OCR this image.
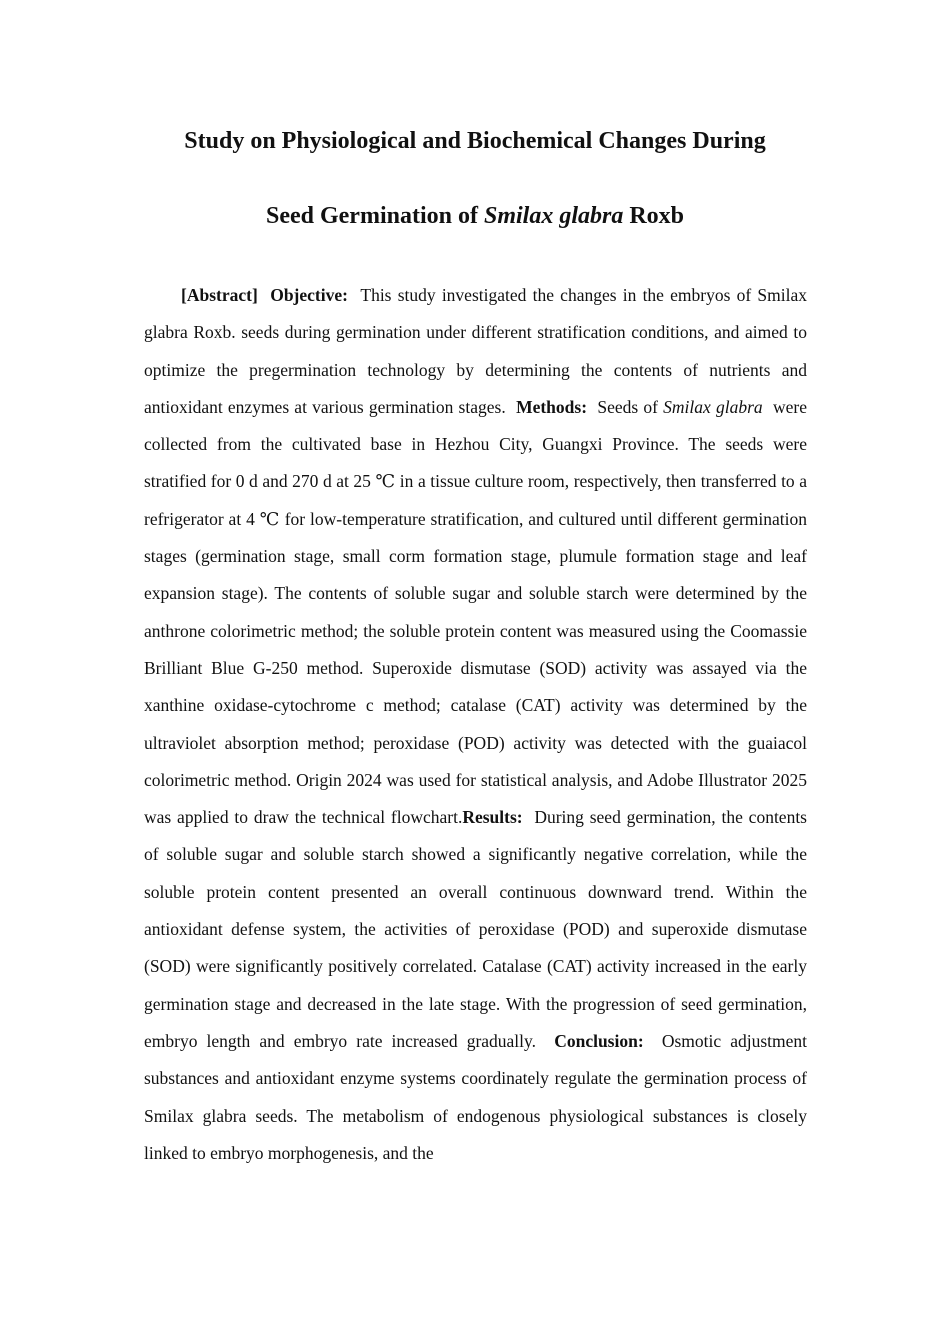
Study on Physiological and Biochemical Changes During
Seed Germination of Smilax glabra Roxb

[Abstract] Objective: This study investigated the changes in the embryos of Smilax glabra Roxb. seeds during germination under different stratification conditions, and aimed to optimize the pregermination technology by determining the contents of nutrients and antioxidant enzymes at various germination stages. Methods: Seeds of Smilax glabra were collected from the cultivated base in Hezhou City, Guangxi Province. The seeds were stratified for 0 d and 270 d at 25 ℃ in a tissue culture room, respectively, then transferred to a refrigerator at 4 ℃ for low-temperature stratification, and cultured until different germination stages (germination stage, small corm formation stage, plumule formation stage and leaf expansion stage). The contents of soluble sugar and soluble starch were determined by the anthrone colorimetric method; the soluble protein content was measured using the Coomassie Brilliant Blue G-250 method. Superoxide dismutase (SOD) activity was assayed via the xanthine oxidase-cytochrome c method; catalase (CAT) activity was determined by the ultraviolet absorption method; peroxidase (POD) activity was detected with the guaiacol colorimetric method. Origin 2024 was used for statistical analysis, and Adobe Illustrator 2025 was applied to draw the technical flowchart.Results: During seed germination, the contents of soluble sugar and soluble starch showed a significantly negative correlation, while the soluble protein content presented an overall continuous downward trend. Within the antioxidant defense system, the activities of peroxidase (POD) and superoxide dismutase (SOD) were significantly positively correlated. Catalase (CAT) activity increased in the early germination stage and decreased in the late stage. With the progression of seed germination, embryo length and embryo rate increased gradually. Conclusion: Osmotic adjustment substances and antioxidant enzyme systems coordinately regulate the germination process of Smilax glabra seeds. The metabolism of endogenous physiological substances is closely linked to embryo morphogenesis, and the
